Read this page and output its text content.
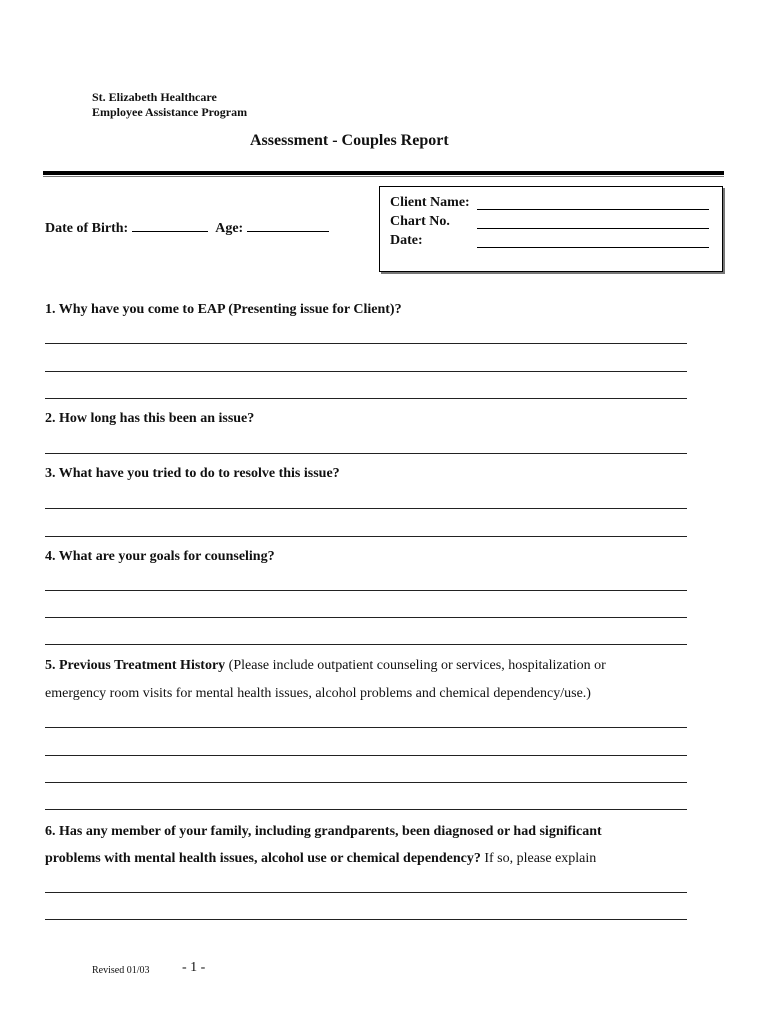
St. Elizabeth Healthcare
Employee Assistance Program
Assessment - Couples Report
Client Name:
Chart No.
Date:
Date of Birth:	Age:
1. Why have you come to EAP (Presenting issue for Client)?
2. How long has this been an issue?
3. What have you tried to do to resolve this issue?
4. What are your goals for counseling?
5. Previous Treatment History (Please include outpatient counseling or services, hospitalization or
emergency room visits for mental health issues, alcohol problems and chemical dependency/use.)
6. Has any member of your family, including grandparents, been diagnosed or had significant
problems with mental health issues, alcohol use or chemical dependency? If so, please explain
Revised 01/03 - 1 -
